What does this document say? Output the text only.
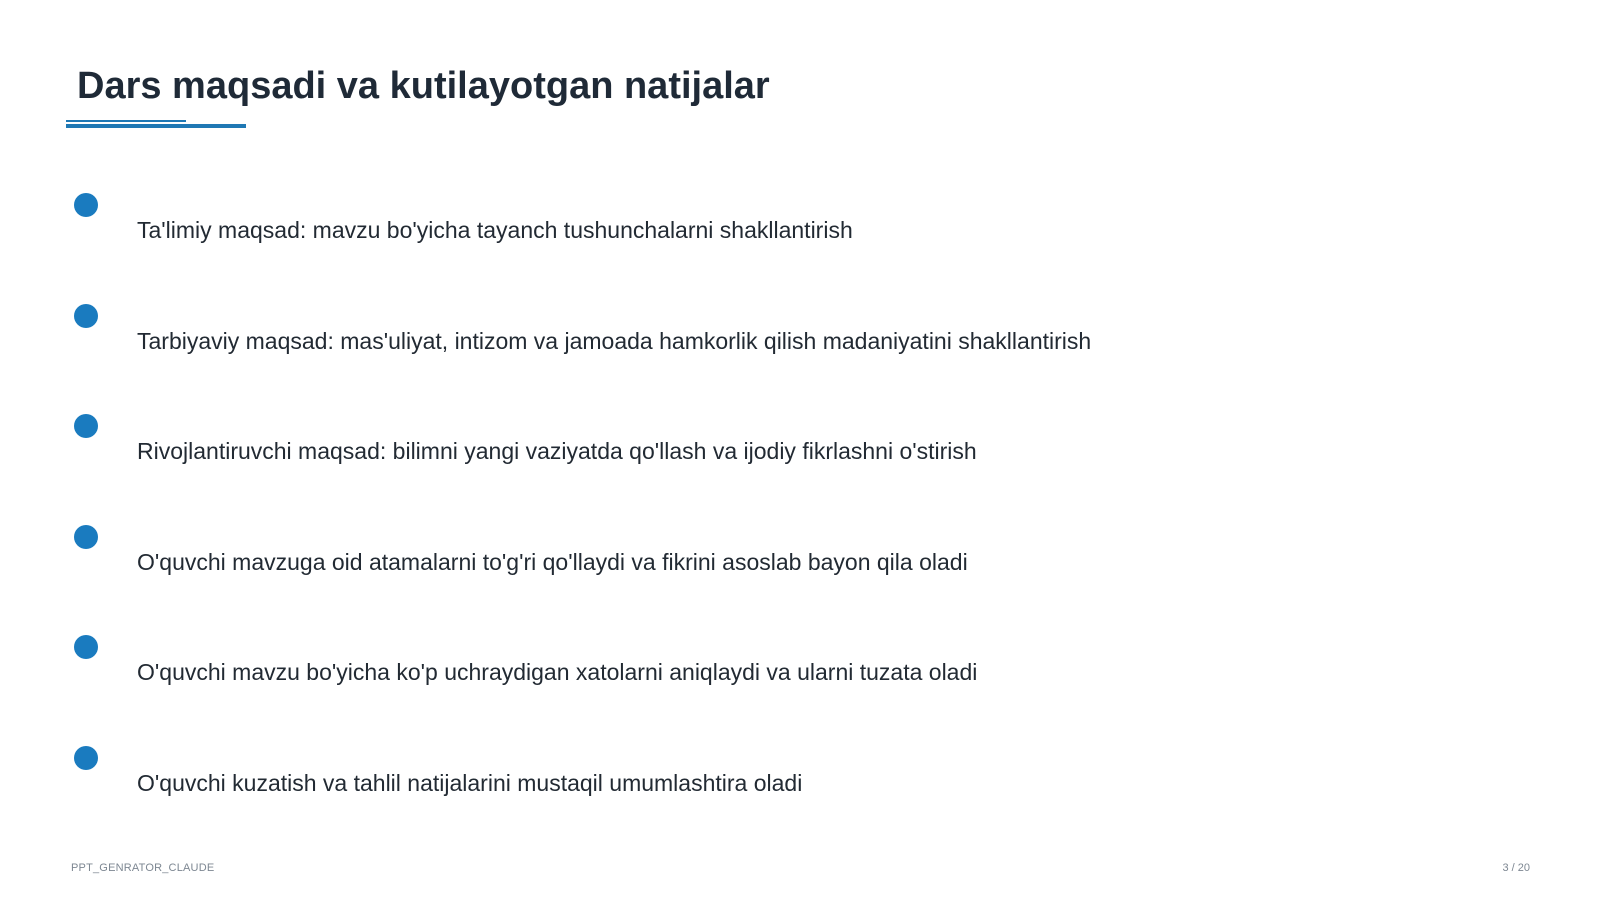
Dars maqsadi va kutilayotgan natijalar
Ta'limiy maqsad: mavzu bo'yicha tayanch tushunchalarni shakllantirish
Tarbiyaviy maqsad: mas'uliyat, intizom va jamoada hamkorlik qilish madaniyatini shakllantirish
Rivojlantiruvchi maqsad: bilimni yangi vaziyatda qo'llash va ijodiy fikrlashni o'stirish
O'quvchi mavzuga oid atamalarni to'g'ri qo'llaydi va fikrini asoslab bayon qila oladi
O'quvchi mavzu bo'yicha ko'p uchraydigan xatolarni aniqlaydi va ularni tuzata oladi
O'quvchi kuzatish va tahlil natijalarini mustaqil umumlashtira oladi
PPT_GENRATOR_CLAUDE	3 / 20
